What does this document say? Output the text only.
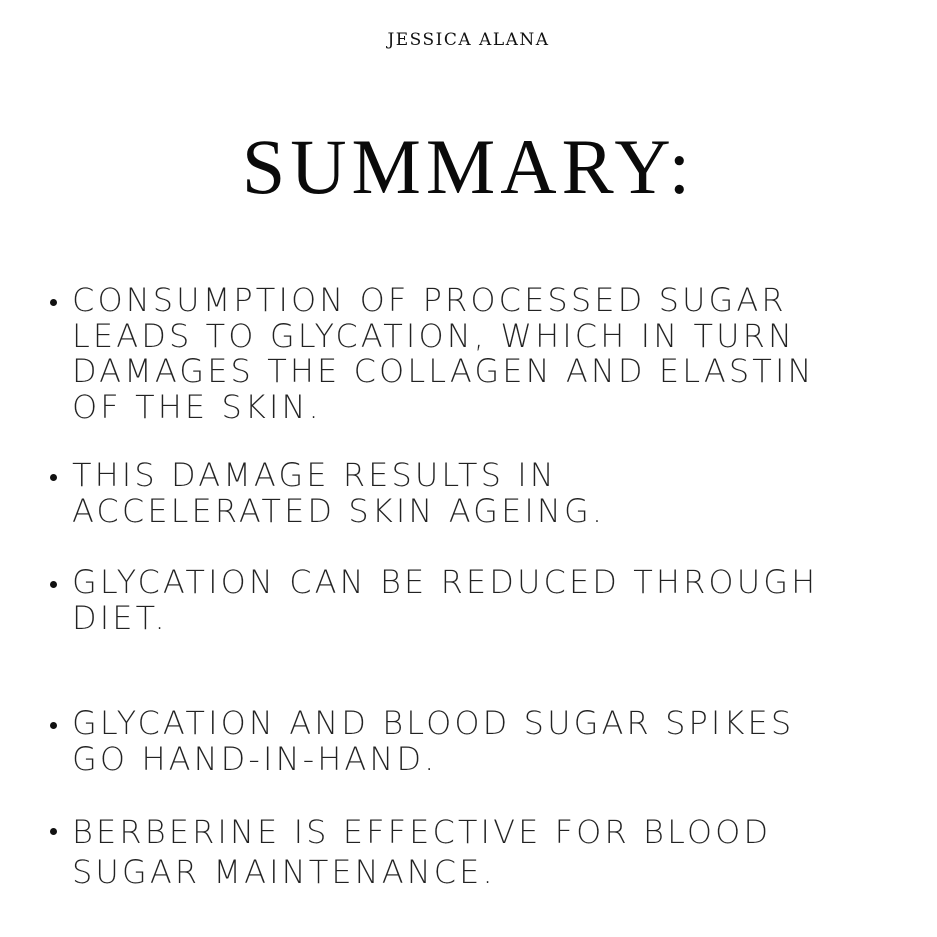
JESSICA ALANA
SUMMARY:
CONSUMPTION OF PROCESSED SUGAR
LEADS TO GLYCATION, WHICH IN TURN
DAMAGES THE COLLAGEN AND ELASTIN
OF THE SKIN.
THIS DAMAGE RESULTS IN
ACCELERATED SKIN AGEING.
GLYCATION CAN BE REDUCED THROUGH
DIET.
GLYCATION AND BLOOD SUGAR SPIKES
GO HAND-IN-HAND.
BERBERINE IS EFFECTIVE FOR BLOOD
SUGAR MAINTENANCE.
